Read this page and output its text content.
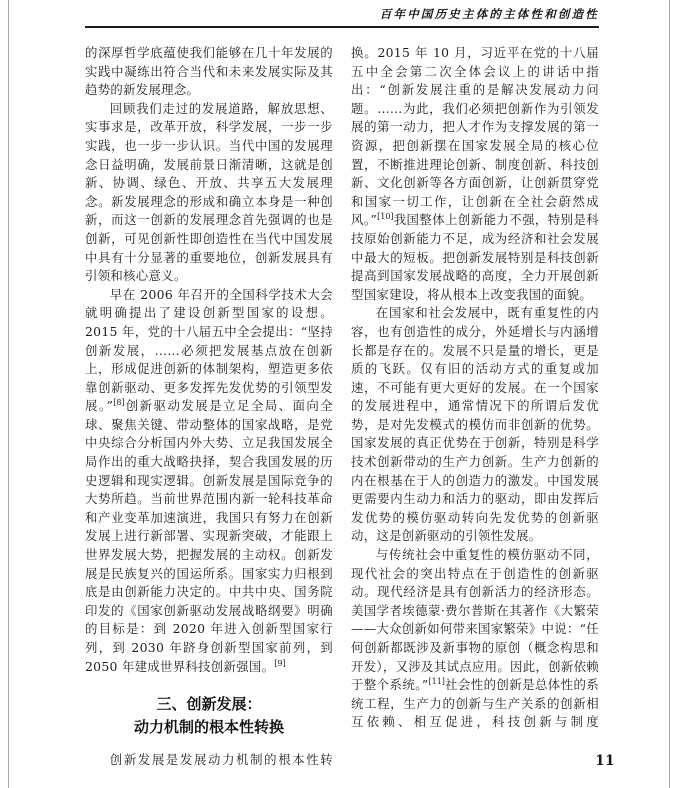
百年中国历史主体的主体性和创造性

的深厚哲学底蕴使我们能够在几十年发展的实践中凝练出符合当代和未来发展实际及其趋势的新发展理念。

回顾我们走过的发展道路，解放思想、实事求是，改革开放，科学发展，一步一步实践，也一步一步认识。当代中国的发展理念日益明确，发展前景日渐清晰，这就是创新、协调、绿色、开放、共享五大发展理念。新发展理念的形成和确立本身是一种创新，而这一创新的发展理念首先强调的也是创新，可见创新性即创造性在当代中国发展中具有十分显著的重要地位，创新发展具有引领和核心意义。

早在 2006 年召开的全国科学技术大会就明确提出了建设创新型国家的设想。2015 年，党的十八届五中全会提出：“坚持创新发展，……必须把发展基点放在创新上，形成促进创新的体制架构，塑造更多依靠创新驱动、更多发挥先发优势的引领型发展。”[8]创新驱动发展是立足全局、面向全球、聚焦关键、带动整体的国家战略，是党中央综合分析国内外大势、立足我国发展全局作出的重大战略抉择，契合我国发展的历史逻辑和现实逻辑。创新发展是国际竞争的大势所趋。当前世界范围内新一轮科技革命和产业变革加速演进，我国只有努力在创新发展上进行新部署、实现新突破，才能跟上世界发展大势，把握发展的主动权。创新发展是民族复兴的国运所系。国家实力归根到底是由创新能力决定的。中共中央、国务院印发的《国家创新驱动发展战略纲要》明确的目标是：到 2020 年进入创新型国家行列，到 2030 年跻身创新型国家前列，到 2050 年建成世界科技创新强国。[9]

三、创新发展：
动力机制的根本性转换

创新发展是发展动力机制的根本性转

换。2015 年 10 月，习近平在党的十八届五中全会第二次全体会议上的讲话中指出：“创新发展注重的是解决发展动力问题。……为此，我们必须把创新作为引领发展的第一动力，把人才作为支撑发展的第一资源，把创新摆在国家发展全局的核心位置，不断推进理论创新、制度创新、科技创新、文化创新等各方面创新，让创新贯穿党和国家一切工作，让创新在全社会蔚然成风。”[10]我国整体上创新能力不强，特别是科技原始创新能力不足，成为经济和社会发展中最大的短板。把创新发展特别是科技创新提高到国家发展战略的高度，全力开展创新型国家建设，将从根本上改变我国的面貌。

在国家和社会发展中，既有重复性的内容，也有创造性的成分，外延增长与内涵增长都是存在的。发展不只是量的增长，更是质的飞跃。仅有旧的活动方式的重复或加速，不可能有更大更好的发展。在一个国家的发展进程中，通常情况下的所谓后发优势，是对先发模式的模仿而非创新的优势。国家发展的真正优势在于创新，特别是科学技术创新带动的生产力创新。生产力创新的内在根基在于人的创造力的激发。中国发展更需要内生动力和活力的驱动，即由发挥后发优势的模仿驱动转向先发优势的创新驱动，这是创新驱动的引领性发展。

与传统社会中重复性的模仿驱动不同，现代社会的突出特点在于创造性的创新驱动。现代经济是具有创新活力的经济形态。美国学者埃德蒙·费尔普斯在其著作《大繁荣——大众创新如何带来国家繁荣》中说：“任何创新都既涉及新事物的原创（概念构思和开发），又涉及其试点应用。因此，创新依赖于整个系统。”[11]社会性的创新是总体性的系统工程，生产力的创新与生产关系的创新相互依赖、相互促进，科技创新与制度

11
